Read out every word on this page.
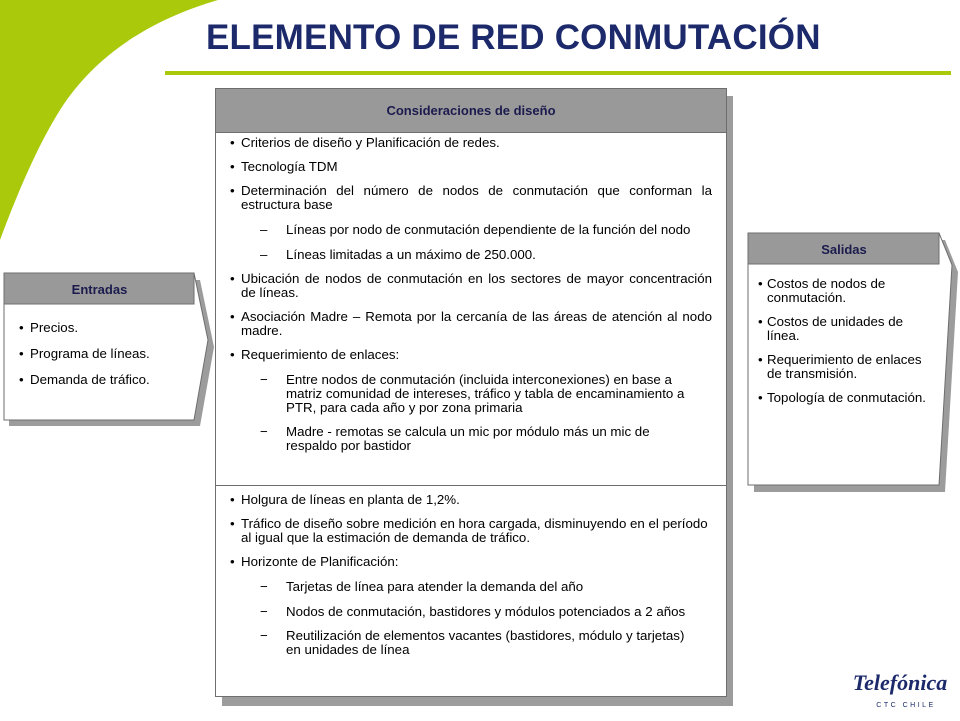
ELEMENTO DE RED CONMUTACIÓN
Entradas
• Precios.
• Programa de líneas.
• Demanda de tráfico.
Consideraciones de diseño
• Criterios de diseño y Planificación de redes.
• Tecnología TDM
• Determinación del número de nodos de conmutación que conforman la estructura base
– Líneas por nodo de conmutación dependiente de la función del nodo
– Líneas limitadas a un máximo de 250.000.
• Ubicación de nodos de conmutación en los sectores de mayor concentración de líneas.
• Asociación Madre – Remota por la cercanía de las áreas de atención al nodo madre.
• Requerimiento de enlaces:
− Entre nodos de conmutación (incluida interconexiones) en base a matriz comunidad de intereses, tráfico y tabla de encaminamiento a PTR, para cada año y por zona primaria
− Madre - remotas se calcula un mic por módulo más un mic de respaldo por bastidor
• Holgura de líneas en planta de 1,2%.
• Tráfico de diseño sobre medición en hora cargada, disminuyendo en el período al igual que la estimación de demanda de tráfico.
• Horizonte de Planificación:
− Tarjetas de línea para atender la demanda del año
− Nodos de conmutación, bastidores y módulos potenciados a 2 años
− Reutilización de elementos vacantes (bastidores, módulo y tarjetas) en unidades de línea
Salidas
• Costos de nodos de conmutación.
• Costos de unidades de línea.
• Requerimiento de enlaces de transmisión.
• Topología de conmutación.
Telefónica
CTC CHILE
